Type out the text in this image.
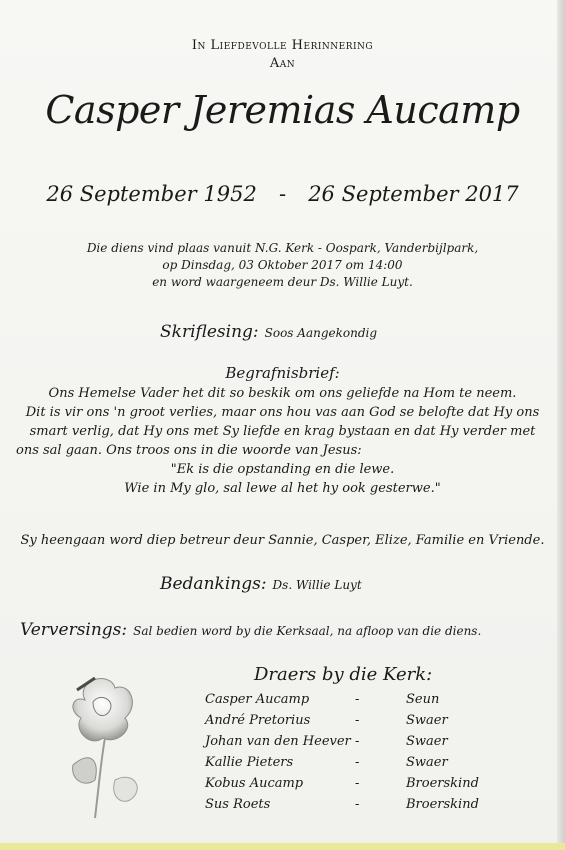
In Liefdevolle Herinnering
Aan
Casper Jeremias Aucamp
26 September 1952 - 26 September 2017
Die diens vind plaas vanuit N.G. Kerk - Oospark, Vanderbijlpark,
op Dinsdag, 03 Oktober 2017 om 14:00
en word waargeneem deur Ds. Willie Luyt.
Skriflesing: Soos Aangekondig
Begrafnisbrief:
Ons Hemelse Vader het dit so beskik om ons geliefde na Hom te neem.
Dit is vir ons 'n groot verlies, maar ons hou vas aan God se belofte dat Hy ons
smart verlig, dat Hy ons met Sy liefde en krag bystaan en dat Hy verder met
ons sal gaan. Ons troos ons in die woorde van Jesus:
"Ek is die opstanding en die lewe.
Wie in My glo, sal lewe al het hy ook gesterwe."
Sy heengaan word diep betreur deur Sannie, Casper, Elize, Familie en Vriende.
Bedankings: Ds. Willie Luyt
Verversings: Sal bedien word by die Kerksaal, na afloop van die diens.
Draers by die Kerk:
Casper Aucamp	-	Seun
André Pretorius	-	Swaer
Johan van den Heever -	Swaer
Kallie Pieters	-	Swaer
Kobus Aucamp	-	Broerskind
Sus Roets	-	Broerskind
